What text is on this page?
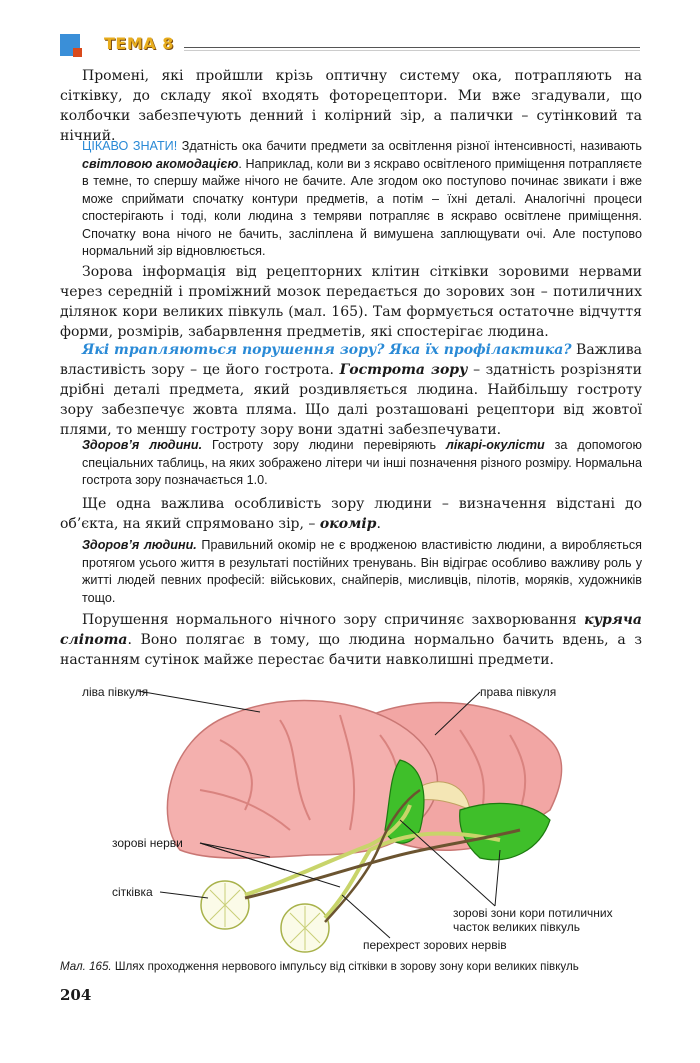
ТЕМА 8
Промені, які пройшли крізь оптичну систему ока, потрапляють на сітківку, до складу якої входять фоторецептори. Ми вже згадували, що колбочки забезпечують денний і колірний зір, а палички – сутінковий та нічний.
ЦІКАВО ЗНАТИ! Здатність ока бачити предмети за освітлення різної інтенсивності, називають світловою акомодацією. Наприклад, коли ви з яскраво освітленого приміщення потрапляєте в темне, то спершу майже нічого не бачите. Але згодом око поступово починає звикати і вже може сприймати спочатку контури предметів, а потім – їхні деталі. Аналогічні процеси спостерігають і тоді, коли людина з темряви потрапляє в яскраво освітлене приміщення. Спочатку вона нічого не бачить, засліплена й вимушена заплющувати очі. Але поступово нормальний зір відновлюється.
Зорова інформація від рецепторних клітин сітківки зоровими нервами через середній і проміжний мозок передається до зорових зон – потиличних ділянок кори великих півкуль (мал. 165). Там формується остаточне відчуття форми, розмірів, забарвлення предметів, які спостерігає людина.
Які трапляються порушення зору? Яка їх профілактика? Важлива властивість зору – це його гострота. Гострота зору – здатність розрізняти дрібні деталі предмета, який роздивляється людина. Найбільшу гостроту зору забезпечує жовта пляма. Що далі розташовані рецептори від жовтої плями, то меншу гостроту зору вони здатні забезпечувати.
Здоров’я людини. Гостроту зору людини перевіряють лікарі-окулісти за допомогою спеціальних таблиць, на яких зображено літери чи інші позначення різного розміру. Нормальна гострота зору позначається 1.0.
Ще одна важлива особливість зору людини – визначення відстані до об’єкта, на який спрямовано зір, – окомір.
Здоров’я людини. Правильний окомір не є вродженою властивістю людини, а виробляється протягом усього життя в результаті постійних тренувань. Він відіграє особливо важливу роль у житті людей певних професій: військових, снайперів, мисливців, пілотів, моряків, художників тощо.
Порушення нормального нічного зору спричиняє захворювання куряча сліпота. Воно полягає в тому, що людина нормально бачить вдень, а з настанням сутінок майже перестає бачити навколишні предмети.
ліва півкуля	права півкуля
зорові нерви
сітківка
зорові зони кори потиличних часток великих півкуль
перехрест зорових нервів
Мал. 165. Шлях проходження нервового імпульсу від сітківки в зорову зону кори великих півкуль
204
